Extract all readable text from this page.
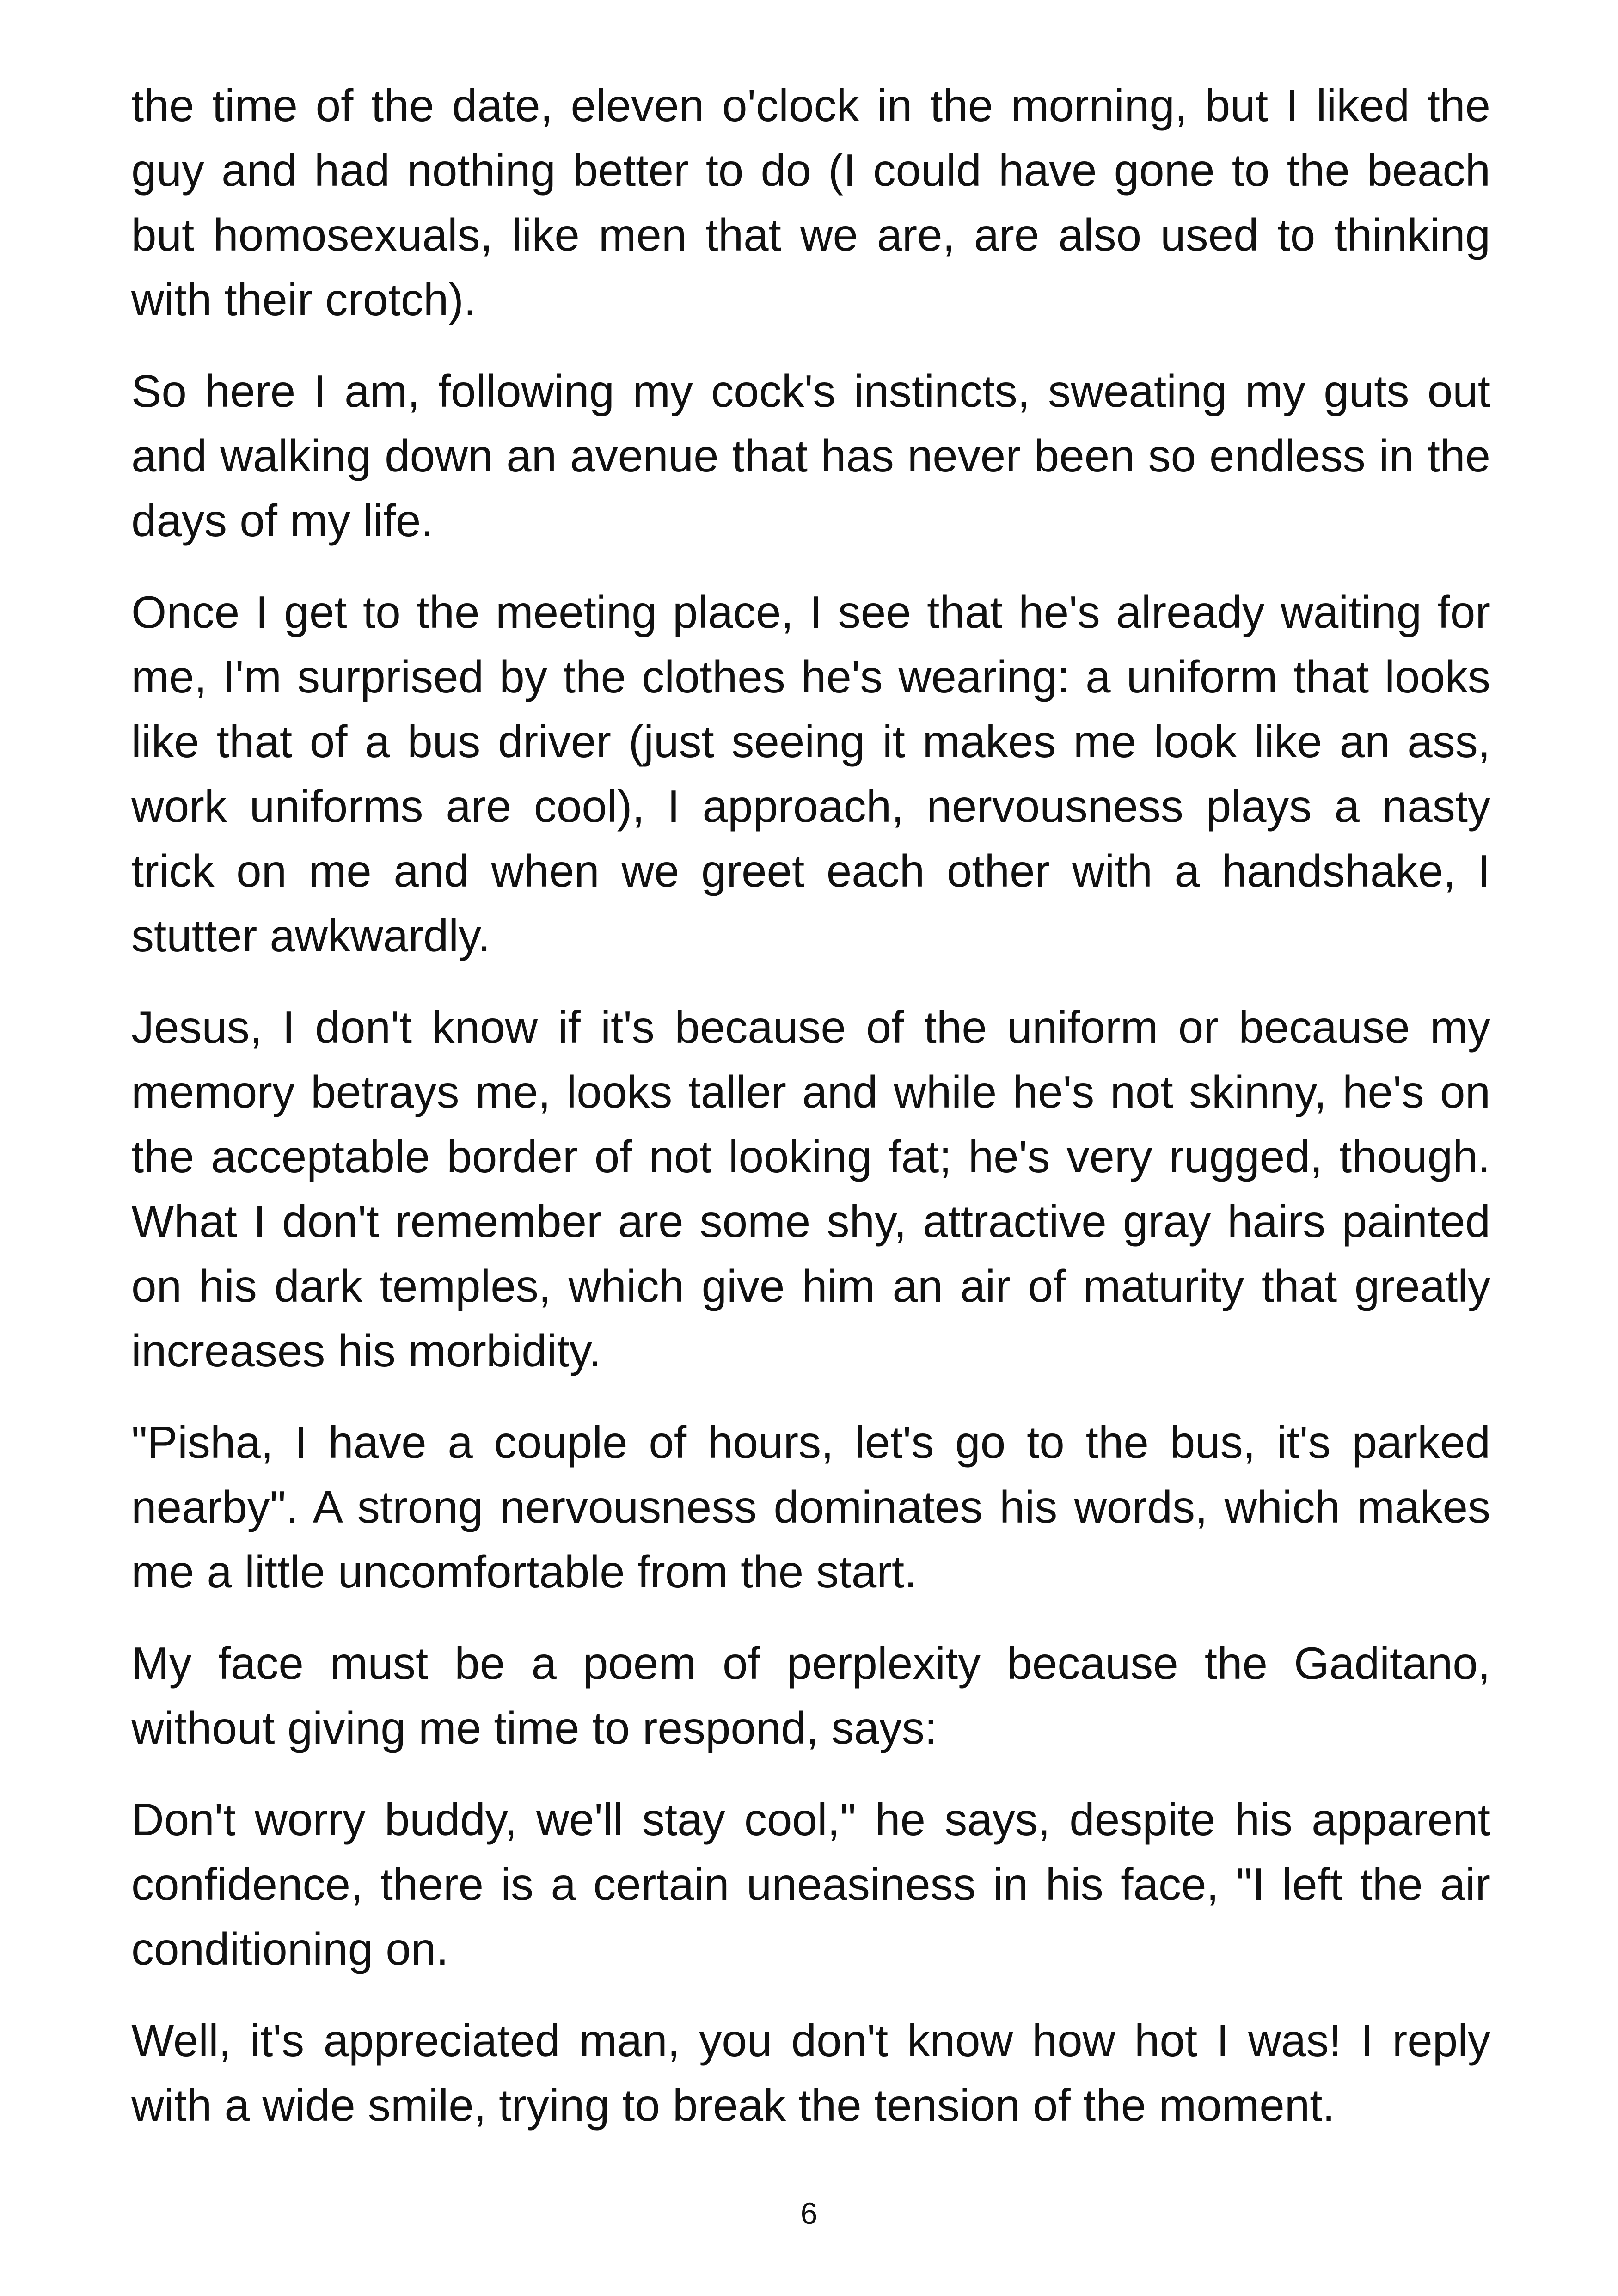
the time of the date, eleven o'clock in the morning, but I liked the guy and had nothing better to do (I could have gone to the beach but homosexuals, like men that we are, are also used to thinking with their crotch).

So here I am, following my cock's instincts, sweating my guts out and walking down an avenue that has never been so endless in the days of my life.

Once I get to the meeting place, I see that he's already waiting for me, I'm surprised by the clothes he's wearing: a uniform that looks like that of a bus driver (just seeing it makes me look like an ass, work uniforms are cool), I approach, nervousness plays a nasty trick on me and when we greet each other with a handshake, I stutter awkwardly.

Jesus, I don't know if it's because of the uniform or because my memory betrays me, looks taller and while he's not skinny, he's on the acceptable border of not looking fat; he's very rugged, though. What I don't remember are some shy, attractive gray hairs painted on his dark temples, which give him an air of maturity that greatly increases his morbidity.

"Pisha, I have a couple of hours, let's go to the bus, it's parked nearby". A strong nervousness dominates his words, which makes me a little uncomfortable from the start.

My face must be a poem of perplexity because the Gaditano, without giving me time to respond, says:

Don't worry buddy, we'll stay cool," he says, despite his apparent confidence, there is a certain uneasiness in his face, "I left the air conditioning on.

Well, it's appreciated man, you don't know how hot I was! I reply with a wide smile, trying to break the tension of the moment.

6
